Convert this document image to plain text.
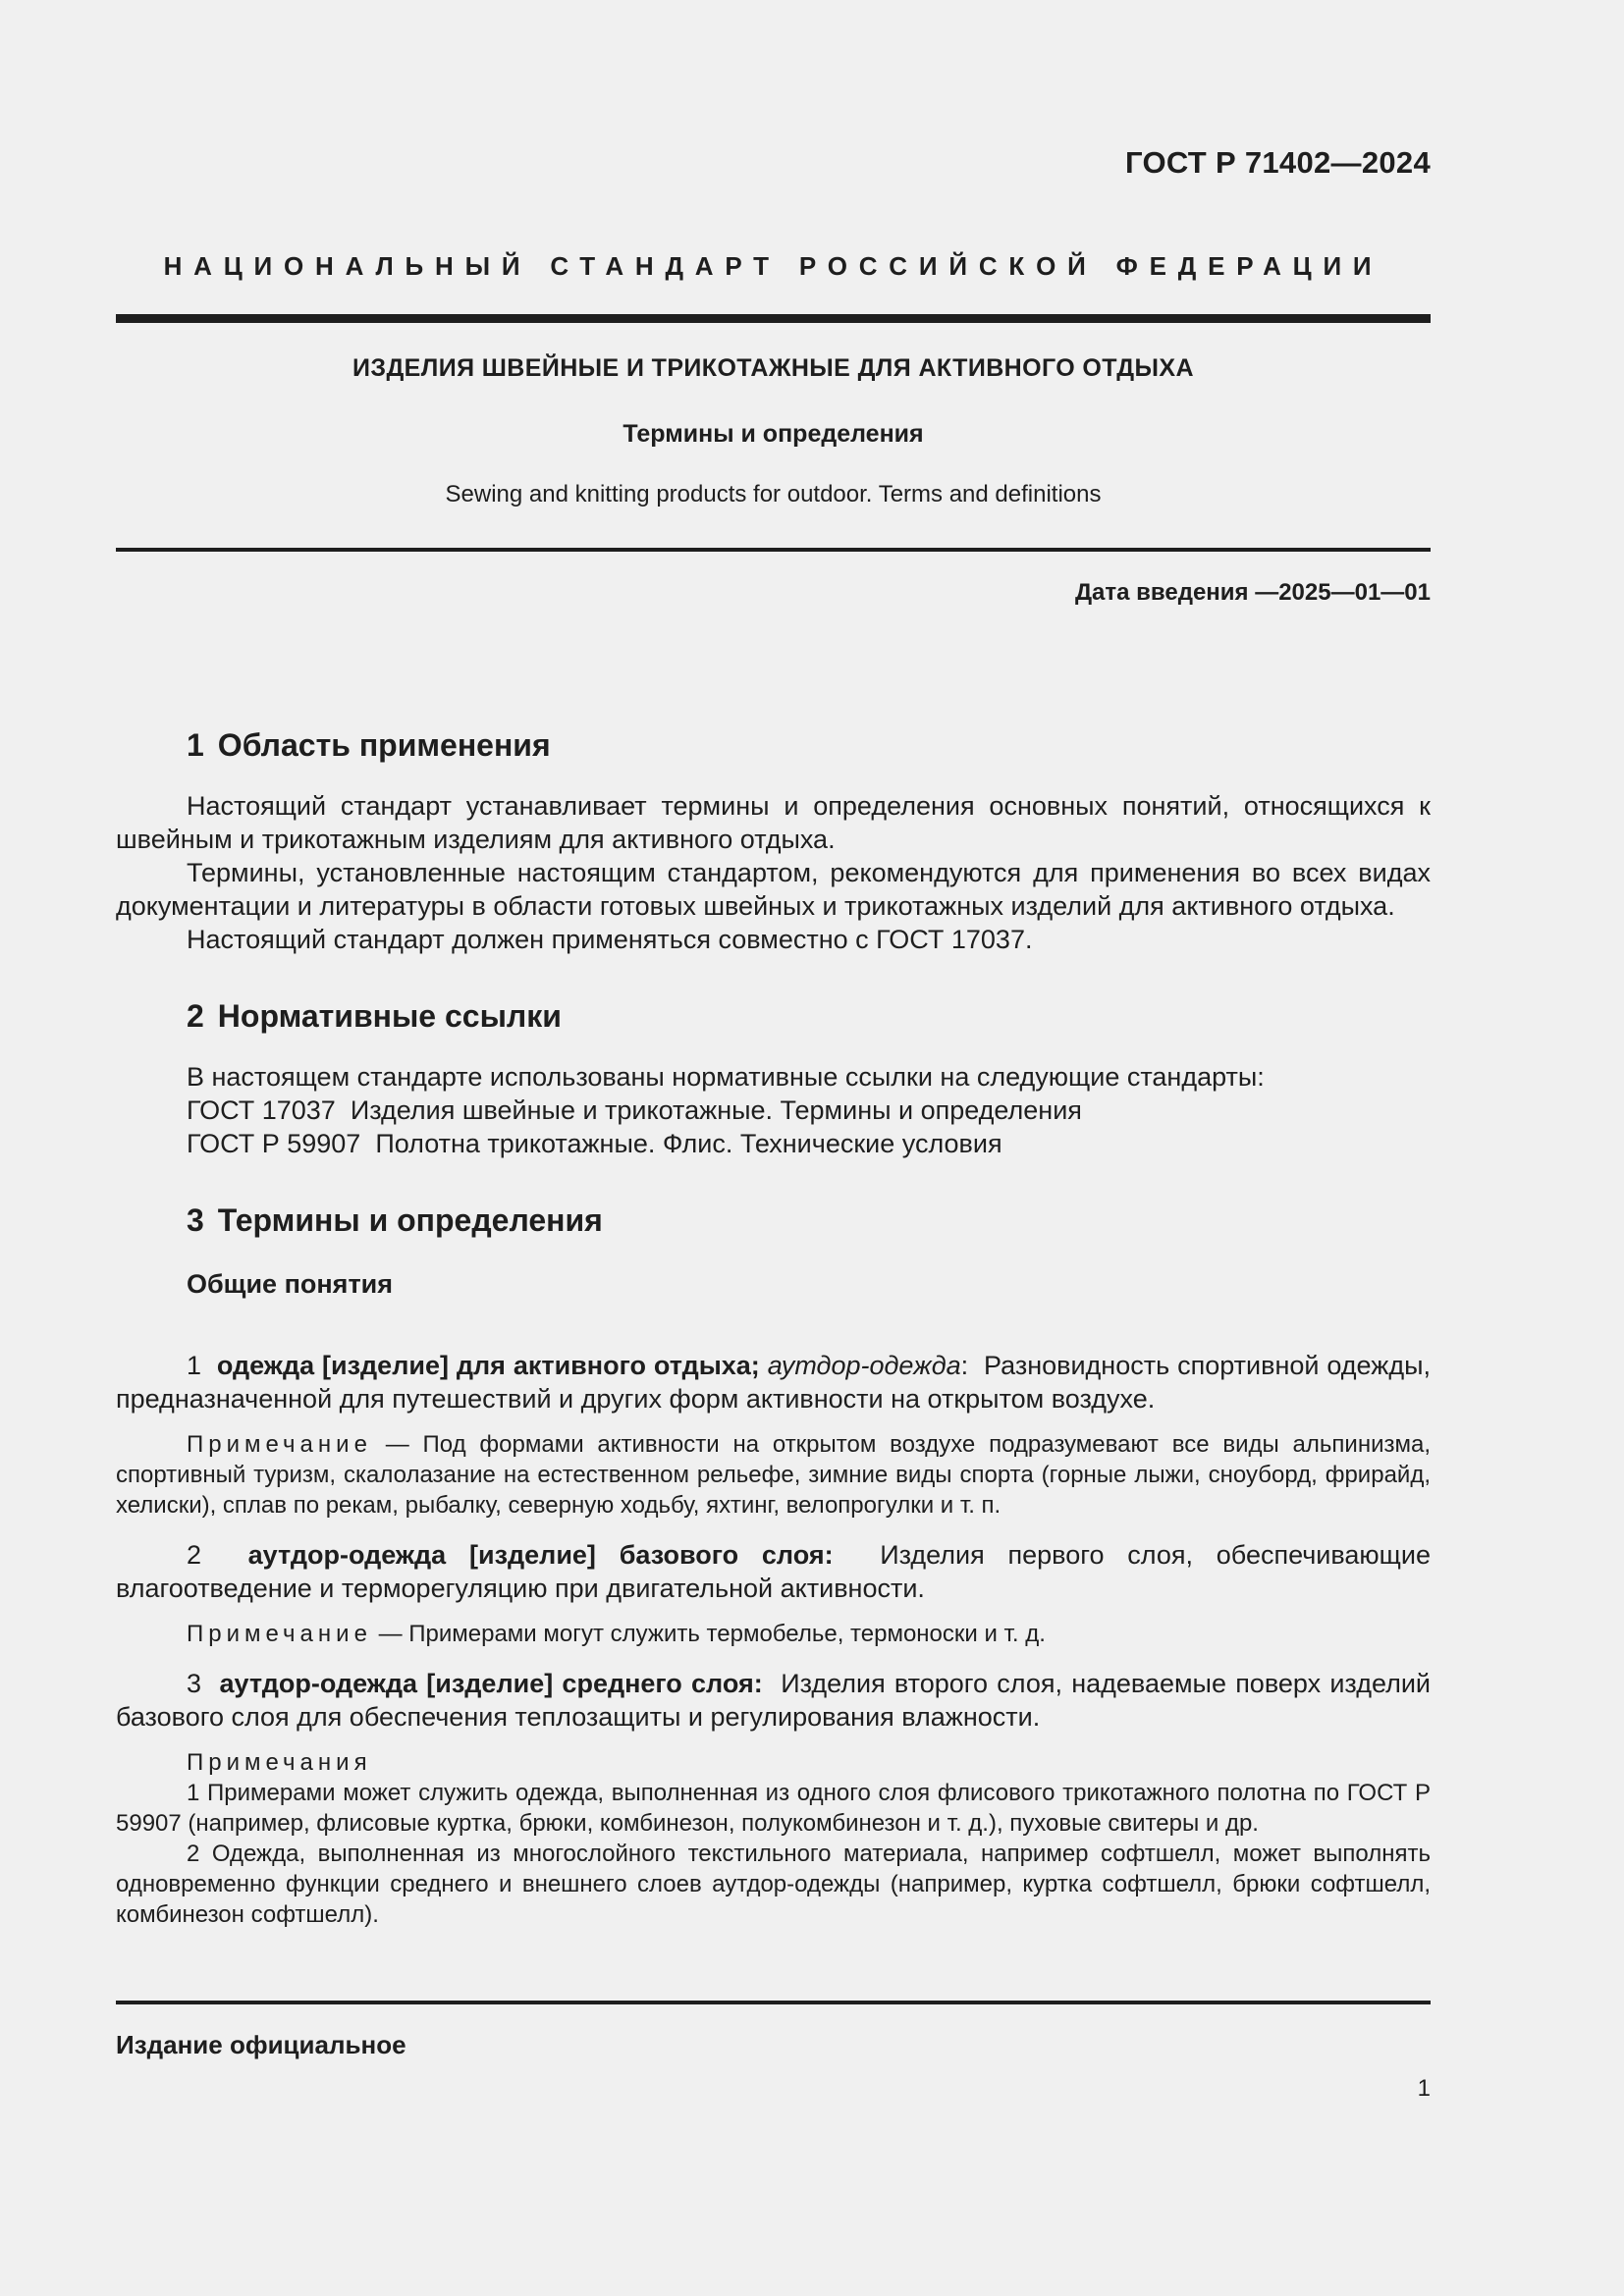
ГОСТ Р 71402—2024
НАЦИОНАЛЬНЫЙ СТАНДАРТ РОССИЙСКОЙ ФЕДЕРАЦИИ
ИЗДЕЛИЯ ШВЕЙНЫЕ И ТРИКОТАЖНЫЕ ДЛЯ АКТИВНОГО ОТДЫХА
Термины и определения
Sewing and knitting products for outdoor. Terms and definitions
Дата введения —2025—01—01
1 Область применения

Настоящий стандарт устанавливает термины и определения основных понятий, относящихся к швейным и трикотажным изделиям для активного отдыха.

Термины, установленные настоящим стандартом, рекомендуются для применения во всех видах документации и литературы в области готовых швейных и трикотажных изделий для активного отдыха.

Настоящий стандарт должен применяться совместно с ГОСТ 17037.

2 Нормативные ссылки

В настоящем стандарте использованы нормативные ссылки на следующие стандарты:

ГОСТ 17037 Изделия швейные и трикотажные. Термины и определения

ГОСТ Р 59907 Полотна трикотажные. Флис. Технические условия

3 Термины и определения
Общие понятия

1 одежда [изделие] для активного отдыха; аутдор-одежда:  Разновидность спортивной одежды, предназначенной для путешествий и других форм активности на открытом воздухе.

Примечание — Под формами активности на открытом воздухе подразумевают все виды альпинизма, спортивный туризм, скалолазание на естественном рельефе, зимние виды спорта (горные лыжи, сноуборд, фрирайд, хелиски), сплав по рекам, рыбалку, северную ходьбу, яхтинг, велопрогулки и т. п.

2 аутдор-одежда [изделие] базового слоя: Изделия первого слоя, обеспечивающие влагоотведение и терморегуляцию при двигательной активности.

Примечание — Примерами могут служить термобелье, термоноски и т. д.

3 аутдор-одежда [изделие] среднего слоя: Изделия второго слоя, надеваемые поверх изделий базового слоя для обеспечения теплозащиты и регулирования влажности.

Примечания

1 Примерами может служить одежда, выполненная из одного слоя флисового трикотажного полотна по ГОСТ Р 59907 (например, флисовые куртка, брюки, комбинезон, полукомбинезон и т. д.), пуховые свитеры и др.

2 Одежда, выполненная из многослойного текстильного материала, например софтшелл, может выполнять одновременно функции среднего и внешнего слоев аутдор-одежды (например, куртка софтшелл, брюки софтшелл, комбинезон софтшелл).

Издание официальное
1
